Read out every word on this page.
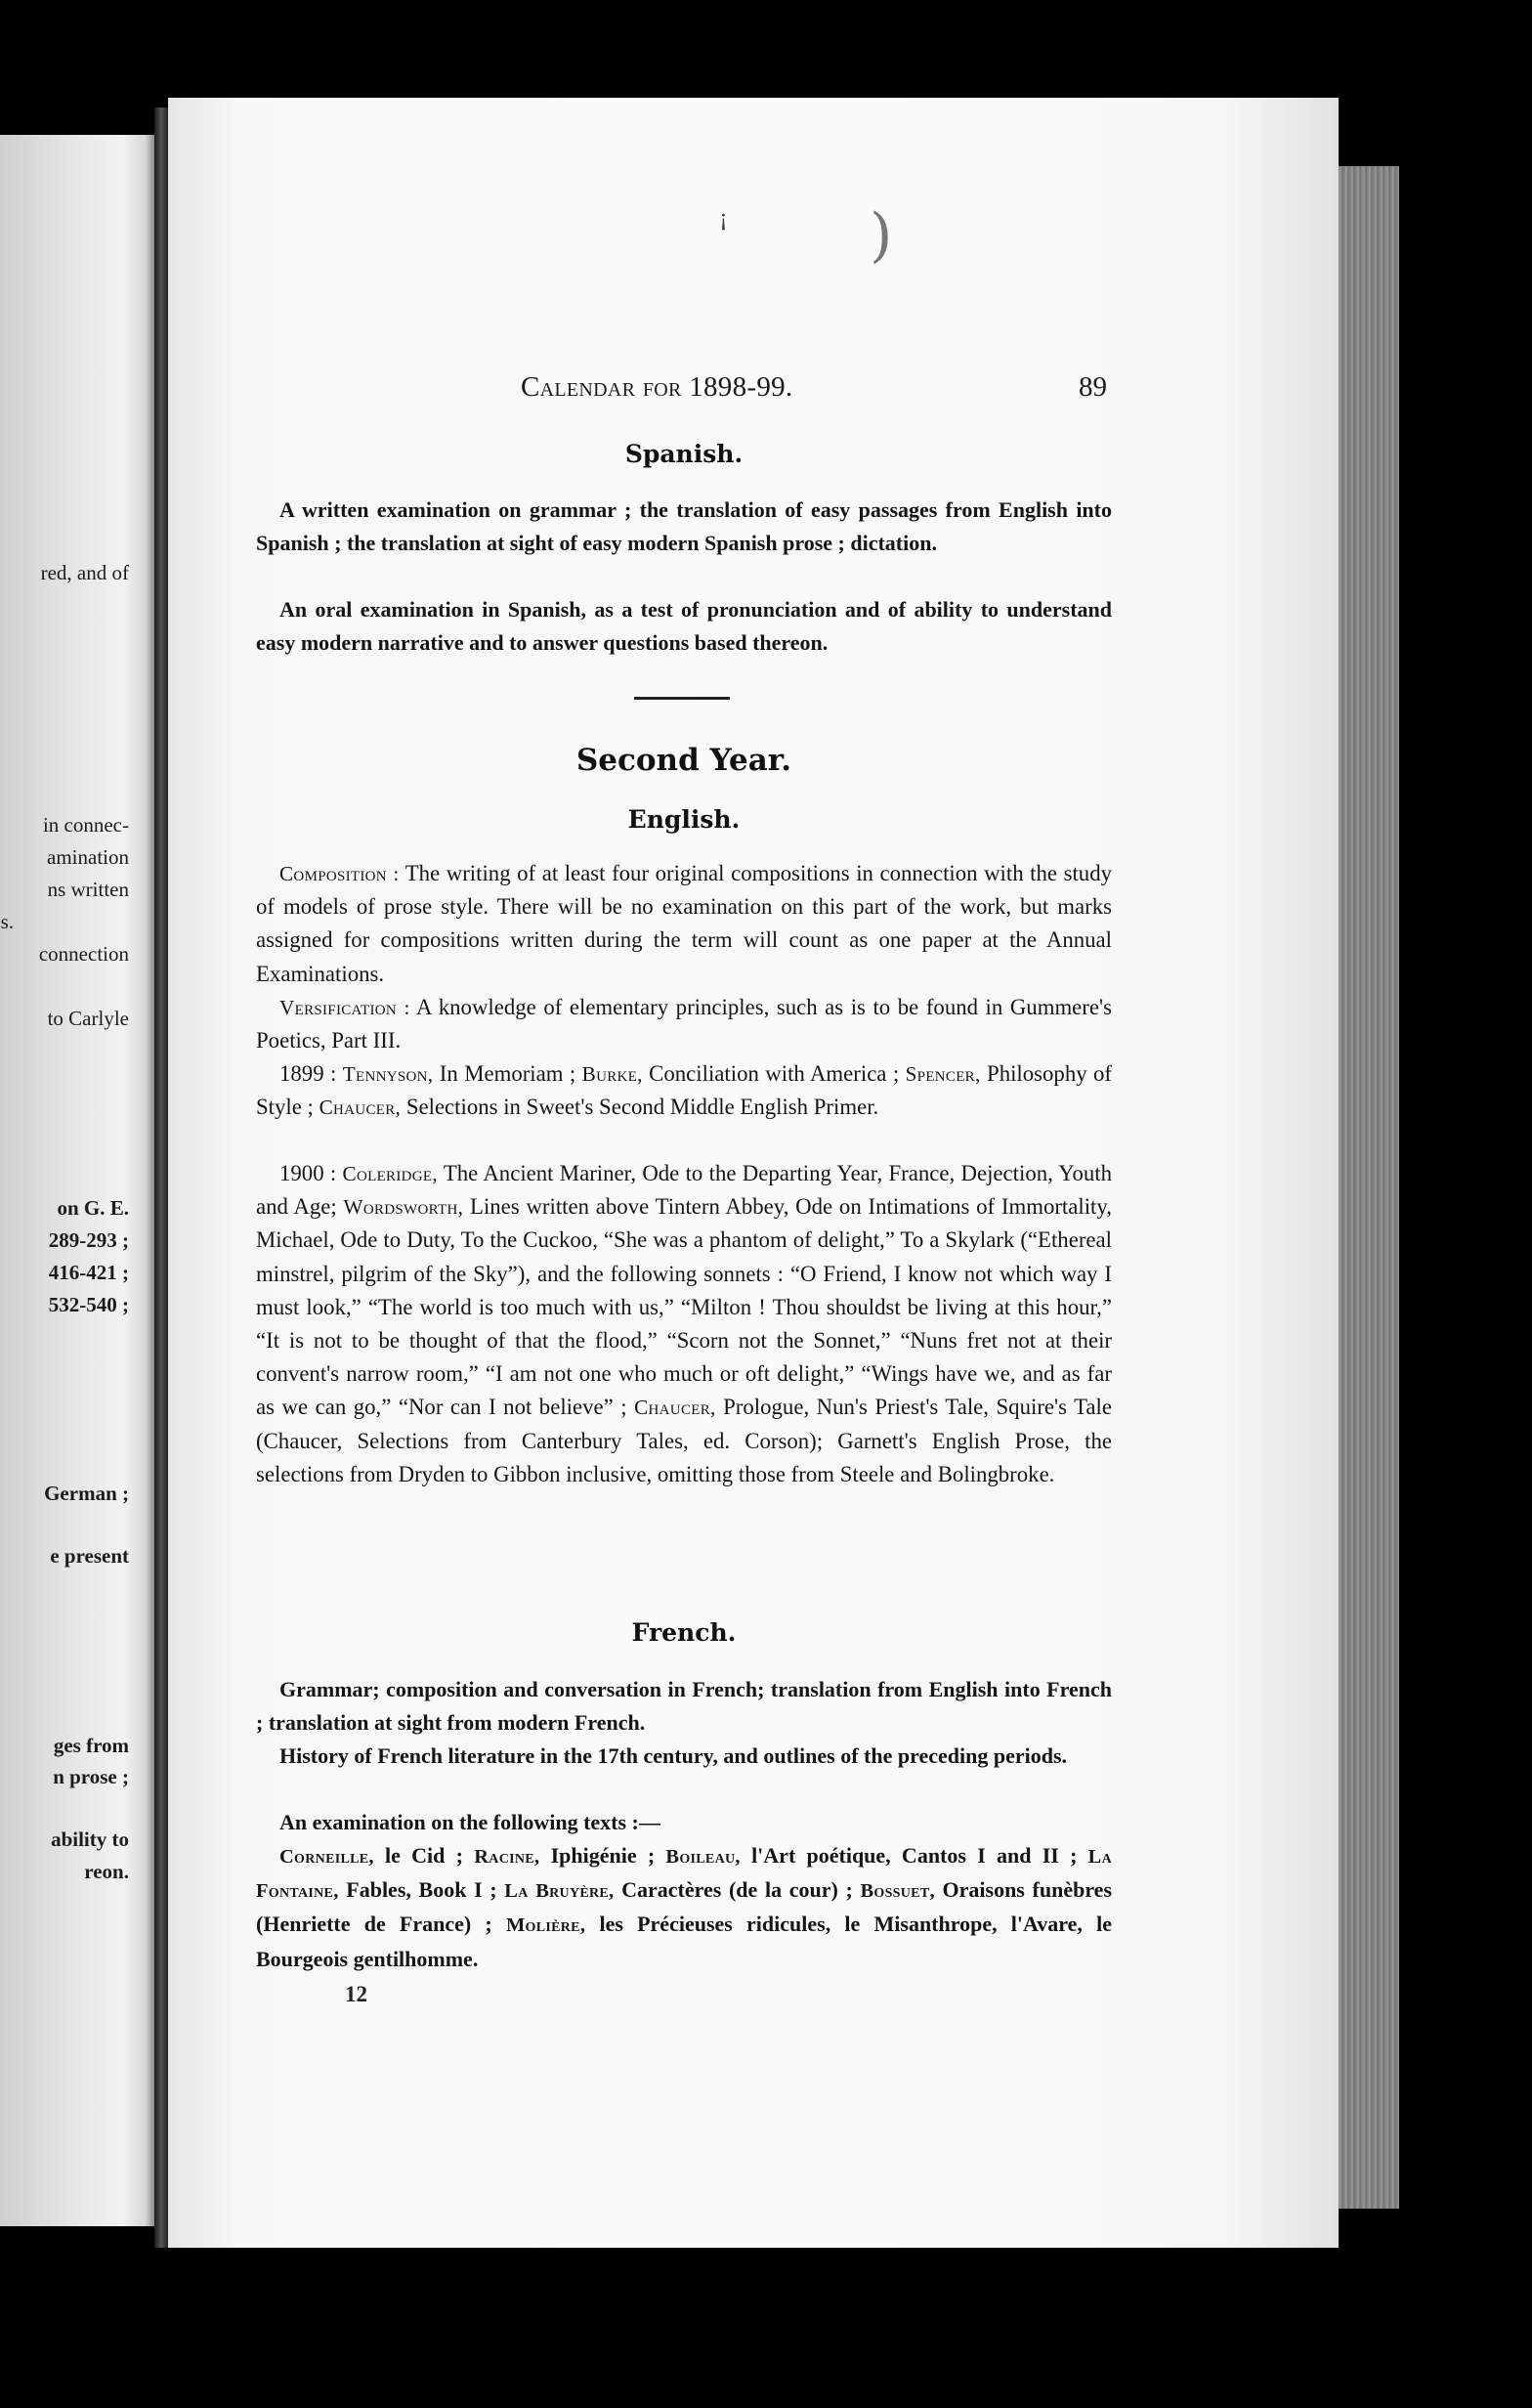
red, and of
in connec-
amination
ns written
s.
connection
to Carlyle
on G. E.
289-293 ;
416-421 ;
532-540 ;
German ;
e present
ges from
n prose ;
ability to
reon.
¡ )
Calendar for 1898-99.	89
Spanish.
A written examination on grammar ; the translation of easy passages from English into Spanish ; the translation at sight of easy modern Spanish prose ; dictation.
An oral examination in Spanish, as a test of pronunciation and of ability to understand easy modern narrative and to answer questions based thereon.
Second Year.
English.
Composition : The writing of at least four original compositions in connection with the study of models of prose style. There will be no examination on this part of the work, but marks assigned for compositions written during the term will count as one paper at the Annual Examinations.
Versification : A knowledge of elementary principles, such as is to be found in Gummere's Poetics, Part III.
1899 : Tennyson, In Memoriam ; Burke, Conciliation with America ; Spencer, Philosophy of Style ; Chaucer, Selections in Sweet's Second Middle English Primer.
1900 : Coleridge, The Ancient Mariner, Ode to the Departing Year, France, Dejection, Youth and Age; Wordsworth, Lines written above Tintern Abbey, Ode on Intimations of Immortality, Michael, Ode to Duty, To the Cuckoo, “She was a phantom of delight,” To a Skylark (“Ethereal minstrel, pilgrim of the Sky”), and the following sonnets : “O Friend, I know not which way I must look,” “The world is too much with us,” “Milton ! Thou shouldst be living at this hour,” “It is not to be thought of that the flood,” “Scorn not the Sonnet,” “Nuns fret not at their convent's narrow room,” “I am not one who much or oft delight,” “Wings have we, and as far as we can go,” “Nor can I not believe” ; Chaucer, Prologue, Nun's Priest's Tale, Squire's Tale (Chaucer, Selections from Canterbury Tales, ed. Corson); Garnett's English Prose, the selections from Dryden to Gibbon inclusive, omitting those from Steele and Bolingbroke.
French.
Grammar; composition and conversation in French; translation from English into French ; translation at sight from modern French.
History of French literature in the 17th century, and outlines of the preceding periods.
An examination on the following texts :—
Corneille, le Cid ; Racine, Iphigénie ; Boileau, l'Art poétique, Cantos I and II ; La Fontaine, Fables, Book I ; La Bruyère, Caractères (de la cour) ; Bossuet, Oraisons funèbres (Henriette de France) ; Molière, les Précieuses ridicules, le Misanthrope, l'Avare, le Bourgeois gentilhomme.
12
